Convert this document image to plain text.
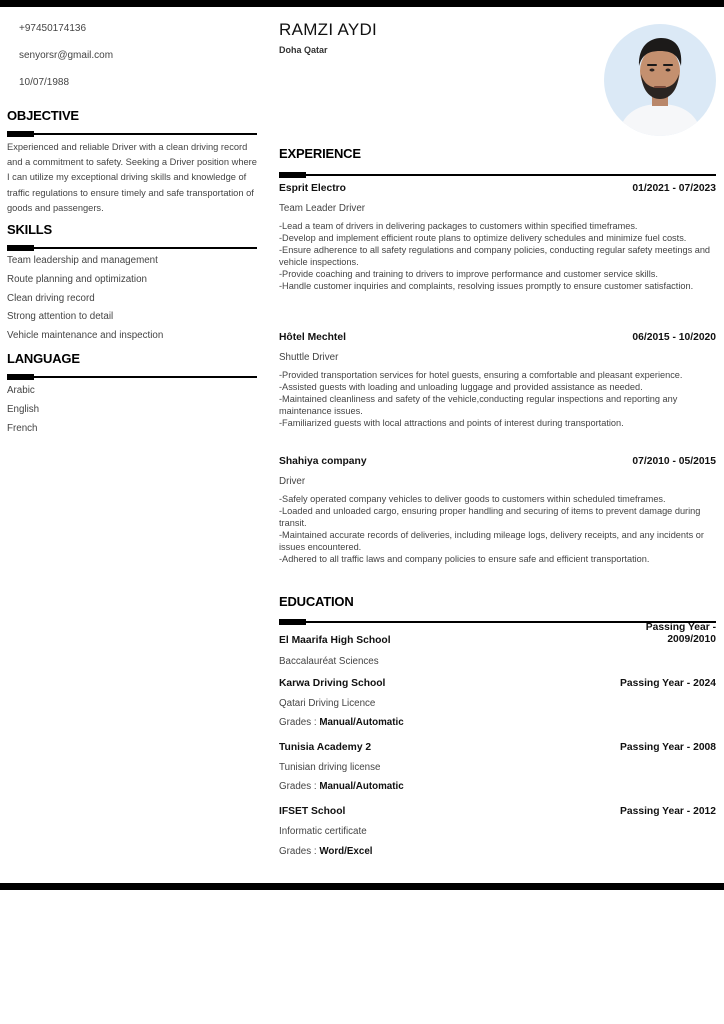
+97450174136
senyorsr@gmail.com
10/07/1988
OBJECTIVE
Experienced and reliable Driver with a clean driving record and a commitment to safety. Seeking a Driver position where I can utilize my exceptional driving skills and knowledge of traffic regulations to ensure timely and safe transportation of goods and passengers.
SKILLS
Team leadership and management
Route planning and optimization
Clean driving record
Strong attention to detail
Vehicle maintenance and inspection
LANGUAGE
Arabic
English
French
RAMZI AYDI
Doha Qatar
EXPERIENCE
Esprit Electro	01/2021 - 07/2023
Team Leader Driver
-Lead a team of drivers in delivering packages to customers within specified timeframes.
-Develop and implement efficient route plans to optimize delivery schedules and minimize fuel costs.
-Ensure adherence to all safety regulations and company policies, conducting regular safety meetings and vehicle inspections.
-Provide coaching and training to drivers to improve performance and customer service skills.
-Handle customer inquiries and complaints, resolving issues promptly to ensure customer satisfaction.
Hôtel Mechtel	06/2015 - 10/2020
Shuttle Driver
-Provided transportation services for hotel guests, ensuring a comfortable and pleasant experience.
-Assisted guests with loading and unloading luggage and provided assistance as needed.
-Maintained cleanliness and safety of the vehicle,conducting regular inspections and reporting any maintenance issues.
-Familiarized guests with local attractions and points of interest during transportation.
Shahiya company	07/2010 - 05/2015
Driver
-Safely operated company vehicles to deliver goods to customers within scheduled timeframes.
-Loaded and unloaded cargo, ensuring proper handling and securing of items to prevent damage during transit.
-Maintained accurate records of deliveries, including mileage logs, delivery receipts, and any incidents or issues encountered.
-Adhered to all traffic laws and company policies to ensure safe and efficient transportation.
EDUCATION
El Maarifa High School
Passing Year -
2009/2010
Baccalauréat Sciences
Karwa Driving School	Passing Year - 2024
Qatari Driving Licence
Grades : Manual/Automatic
Tunisia Academy 2	Passing Year - 2008
Tunisian driving license
Grades : Manual/Automatic
IFSET School	Passing Year - 2012
Informatic certificate
Grades : Word/Excel
